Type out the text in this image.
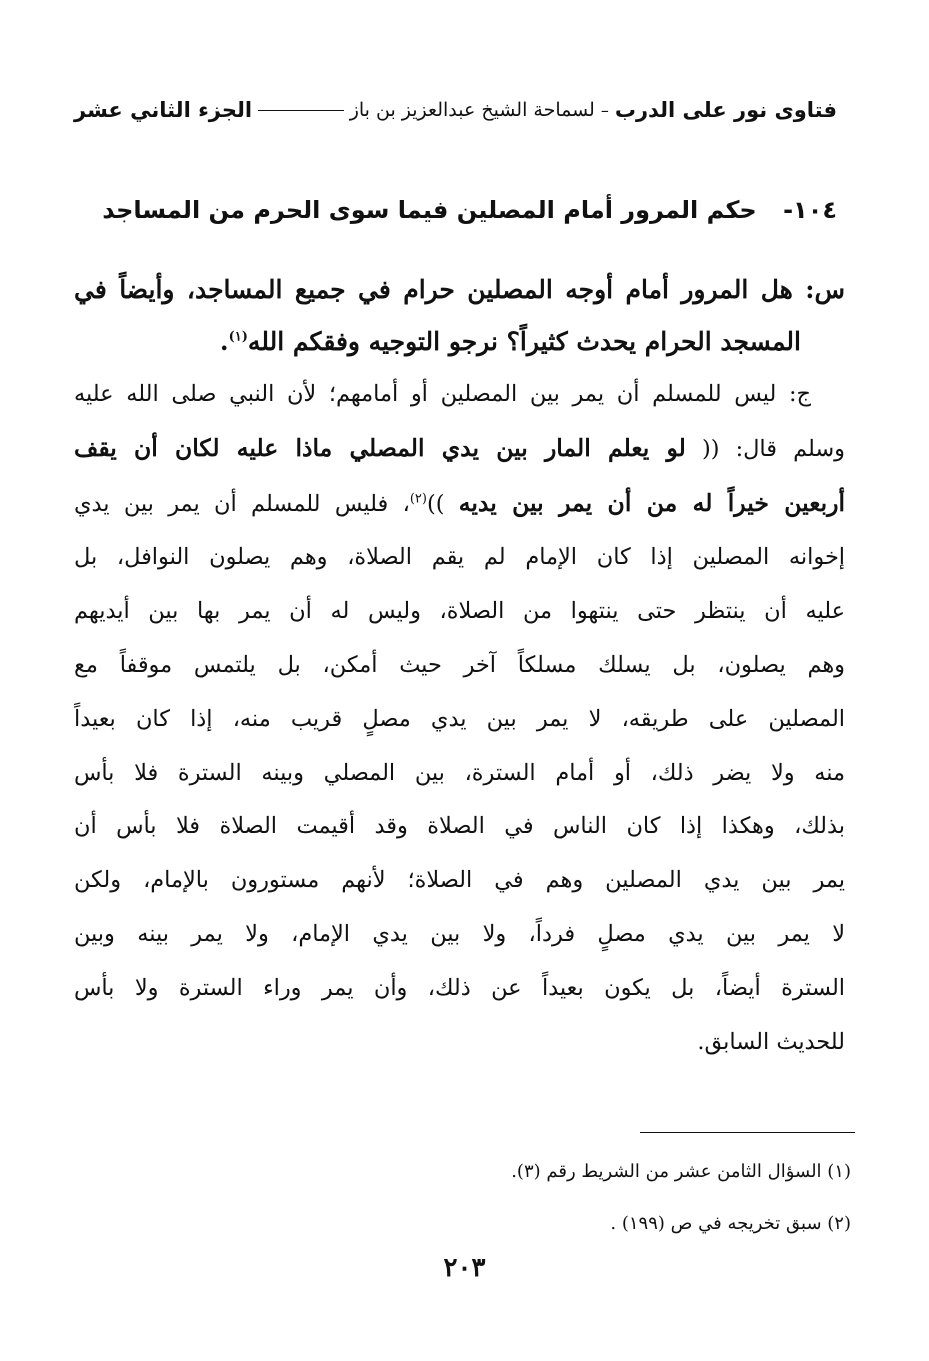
فتاوى نور على الدرب
–
لسماحة الشيخ عبدالعزيز بن باز
الجزء الثاني عشر
١٠٤- حكم المرور أمام المصلين فيما سوى الحرم من المساجد
س: هل المرور أمام أوجه المصلين حرام في جميع المساجد، وأيضاً في
المسجد الحرام يحدث كثيراً؟ نرجو التوجيه وفقكم الله$^{(١)}$.
ج: ليس للمسلم أن يمر بين المصلين أو أمامهم؛ لأن النبي صلى الله عليه
وسلم قال: (( لو يعلم المار بين يدي المصلي ماذا عليه لكان أن يقف
أربعين خيراً له من أن يمر بين يديه ))$^{(٢)}$، فليس للمسلم أن يمر بين يدي
إخوانه المصلين إذا كان الإمام لم يقم الصلاة، وهم يصلون النوافل، بل
عليه أن ينتظر حتى ينتهوا من الصلاة، وليس له أن يمر بها بين أيديهم
وهم يصلون، بل يسلك مسلكاً آخر حيث أمكن، بل يلتمس موقفاً مع
المصلين على طريقه، لا يمر بين يدي مصلٍ قريب منه، إذا كان بعيداً
منه ولا يضر ذلك، أو أمام السترة، بين المصلي وبينه السترة فلا بأس
بذلك، وهكذا إذا كان الناس في الصلاة وقد أقيمت الصلاة فلا بأس أن
يمر بين يدي المصلين وهم في الصلاة؛ لأنهم مستورون بالإمام، ولكن
لا يمر بين يدي مصلٍ فرداً، ولا بين يدي الإمام، ولا يمر بينه وبين
السترة أيضاً، بل يكون بعيداً عن ذلك، وأن يمر وراء السترة ولا بأس
للحديث السابق.
(١) السؤال الثامن عشر من الشريط رقم (٣).
(٢) سبق تخريجه في ص (١٩٩) .
٢٠٣
